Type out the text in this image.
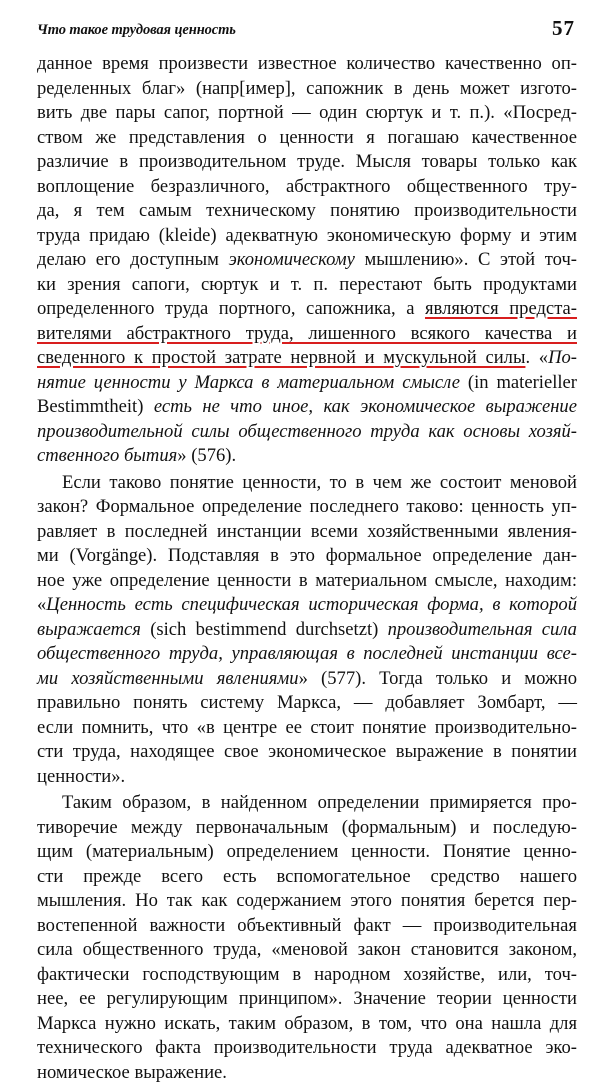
Что такое трудовая ценность	57
данное время произвести известное количество качественно оп-
ределенных благ» (напр[имер], сапожник в день может изгото-
вить две пары сапог, портной — один сюртук и т. п.). «Посред-
ством же представления о ценности я погашаю качественное
различие в производительном труде. Мысля товары только как
воплощение безразличного, абстрактного общественного тру-
да, я тем самым техническому понятию производительности
труда придаю (kleide) адекватную экономическую форму и этим
делаю его доступным экономическому мышлению». С этой точ-
ки зрения сапоги, сюртук и т. п. перестают быть продуктами
определенного труда портного, сапожника, а являются предста-
вителями абстрактного труда, лишенного всякого качества и
сведенного к простой затрате нервной и мускульной силы. «По-
нятие ценности у Маркса в материальном смысле (in materieller
Bestimmtheit) есть не что иное, как экономическое выражение
производительной силы общественного труда как основы хозяй-
ственного бытия» (576).
Если таково понятие ценности, то в чем же состоит меновой
закон? Формальное определение последнего таково: ценность уп-
равляет в последней инстанции всеми хозяйственными явления-
ми (Vorgänge). Подставляя в это формальное определение дан-
ное уже определение ценности в материальном смысле, находим:
«Ценность есть специфическая историческая форма, в которой
выражается (sich bestimmend durchsetzt) производительная сила
общественного труда, управляющая в последней инстанции все-
ми хозяйственными явлениями» (577). Тогда только и можно
правильно понять систему Маркса, — добавляет Зомбарт, —
если помнить, что «в центре ее стоит понятие производительно-
сти труда, находящее свое экономическое выражение в понятии
ценности».
Таким образом, в найденном определении примиряется про-
тиворечие между первоначальным (формальным) и последую-
щим (материальным) определением ценности. Понятие ценно-
сти прежде всего есть вспомогательное средство нашего
мышления. Но так как содержанием этого понятия берется пер-
востепенной важности объективный факт — производительная
сила общественного труда, «меновой закон становится законом,
фактически господствующим в народном хозяйстве, или, точ-
нее, ее регулирующим принципом». Значение теории ценности
Маркса нужно искать, таким образом, в том, что она нашла для
технического факта производительности труда адекватное эко-
номическое выражение.
